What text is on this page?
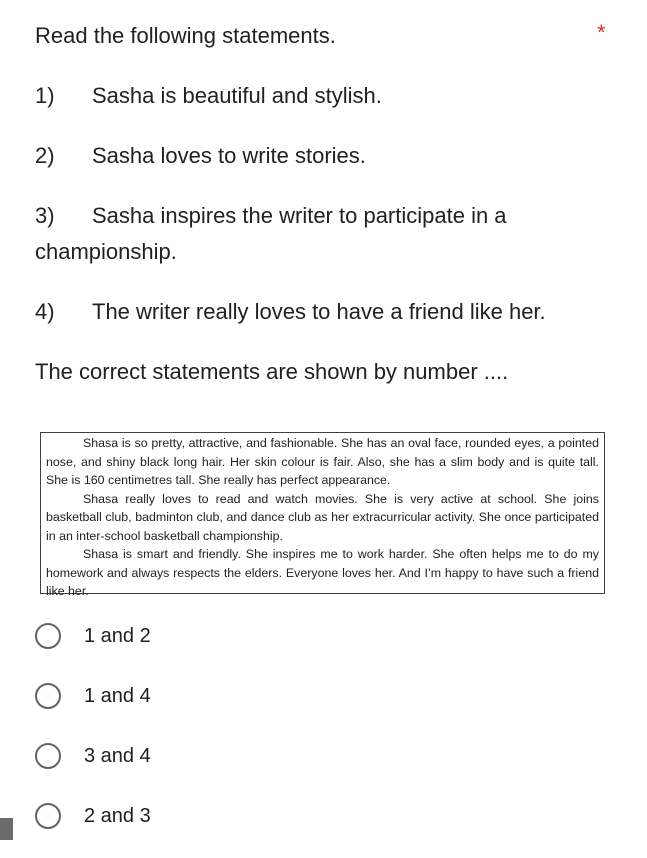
Read the following statements.

1) Sasha is beautiful and stylish.

2) Sasha loves to write stories.

3) Sasha inspires the writer to participate in a championship.

4) The writer really loves to have a friend like her.

The correct statements are shown by number ....

*

Shasa is so pretty, attractive, and fashionable. She has an oval face, rounded eyes, a pointed nose, and shiny black long hair. Her skin colour is fair. Also, she has a slim body and is quite tall. She is 160 centimetres tall. She really has perfect appearance.

Shasa really loves to read and watch movies. She is very active at school. She joins basketball club, badminton club, and dance club as her extracurricular activity. She once participated in an inter-school basketball championship.

Shasa is smart and friendly. She inspires me to work harder. She often helps me to do my homework and always respects the elders. Everyone loves her. And I’m happy to have such a friend like her.

1 and 2
1 and 4
3 and 4
2 and 3
